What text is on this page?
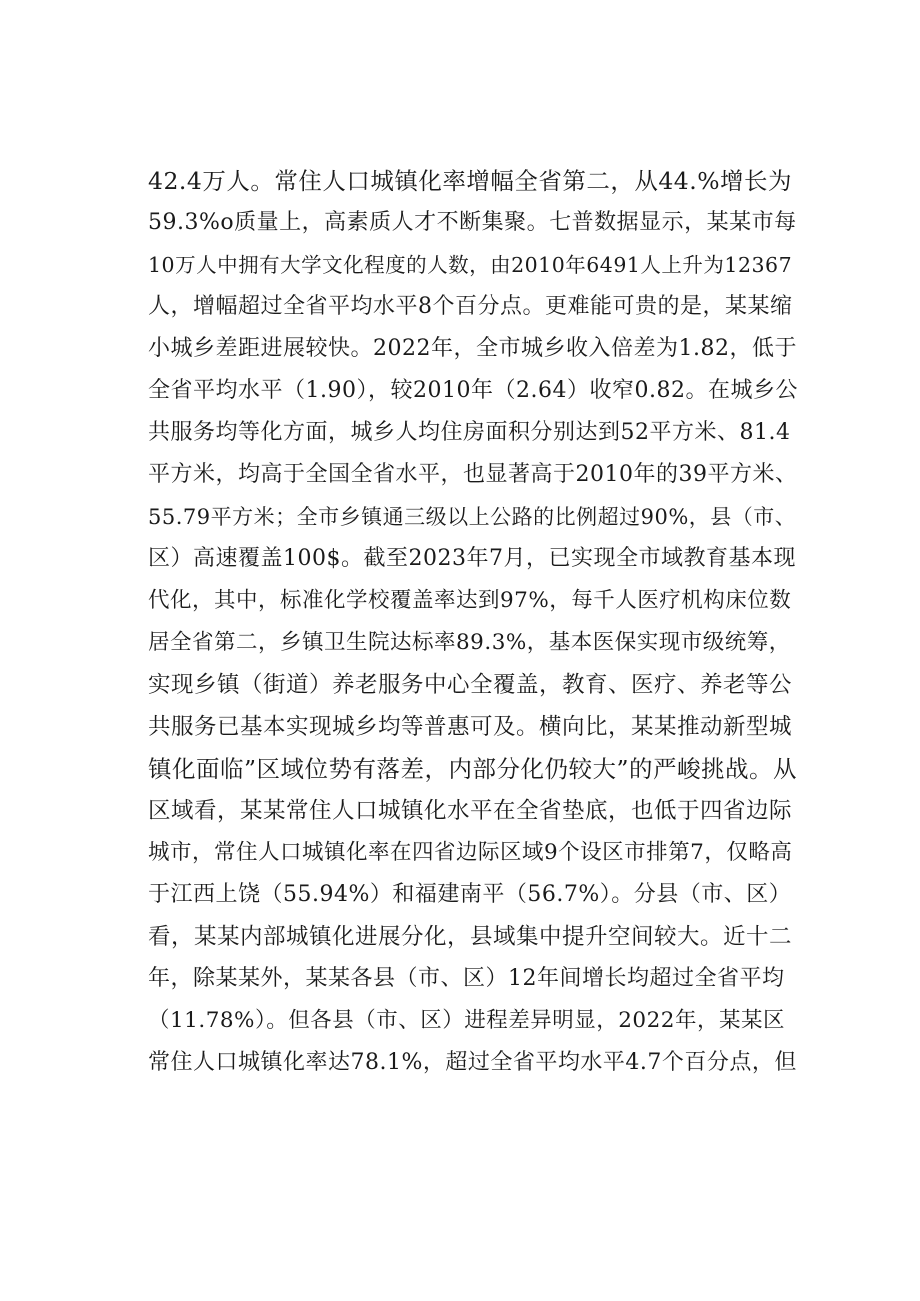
42.4万人。常住人口城镇化率增幅全省第二，从44.%增长为
59.3%o质量上，高素质人才不断集聚。七普数据显示，某某市每
10万人中拥有大学文化程度的人数，由2010年6491人上升为12367
人，增幅超过全省平均水平8个百分点。更难能可贵的是，某某缩
小城乡差距进展较快。2022年，全市城乡收入倍差为1.82，低于
全省平均水平（1.90），较2010年（2.64）收窄0.82。在城乡公
共服务均等化方面，城乡人均住房面积分别达到52平方米、81.4
平方米，均高于全国全省水平，也显著高于2010年的39平方米、
55.79平方米；全市乡镇通三级以上公路的比例超过90%，县（市、
区）高速覆盖100$。截至2023年7月，已实现全市域教育基本现
代化，其中，标准化学校覆盖率达到97%，每千人医疗机构床位数
居全省第二，乡镇卫生院达标率89.3%，基本医保实现市级统筹，
实现乡镇（街道）养老服务中心全覆盖，教育、医疗、养老等公
共服务已基本实现城乡均等普惠可及。横向比，某某推动新型城
镇化面临”区域位势有落差，内部分化仍较大”的严峻挑战。从
区域看，某某常住人口城镇化水平在全省垫底，也低于四省边际
城市，常住人口城镇化率在四省边际区域9个设区市排第7，仅略高
于江西上饶（55.94%）和福建南平（56.7%）。分县（市、区）
看，某某内部城镇化进展分化，县域集中提升空间较大。近十二
年，除某某外，某某各县（市、区）12年间增长均超过全省平均
（11.78%）。但各县（市、区）进程差异明显，2022年，某某区
常住人口城镇化率达78.1%，超过全省平均水平4.7个百分点，但
